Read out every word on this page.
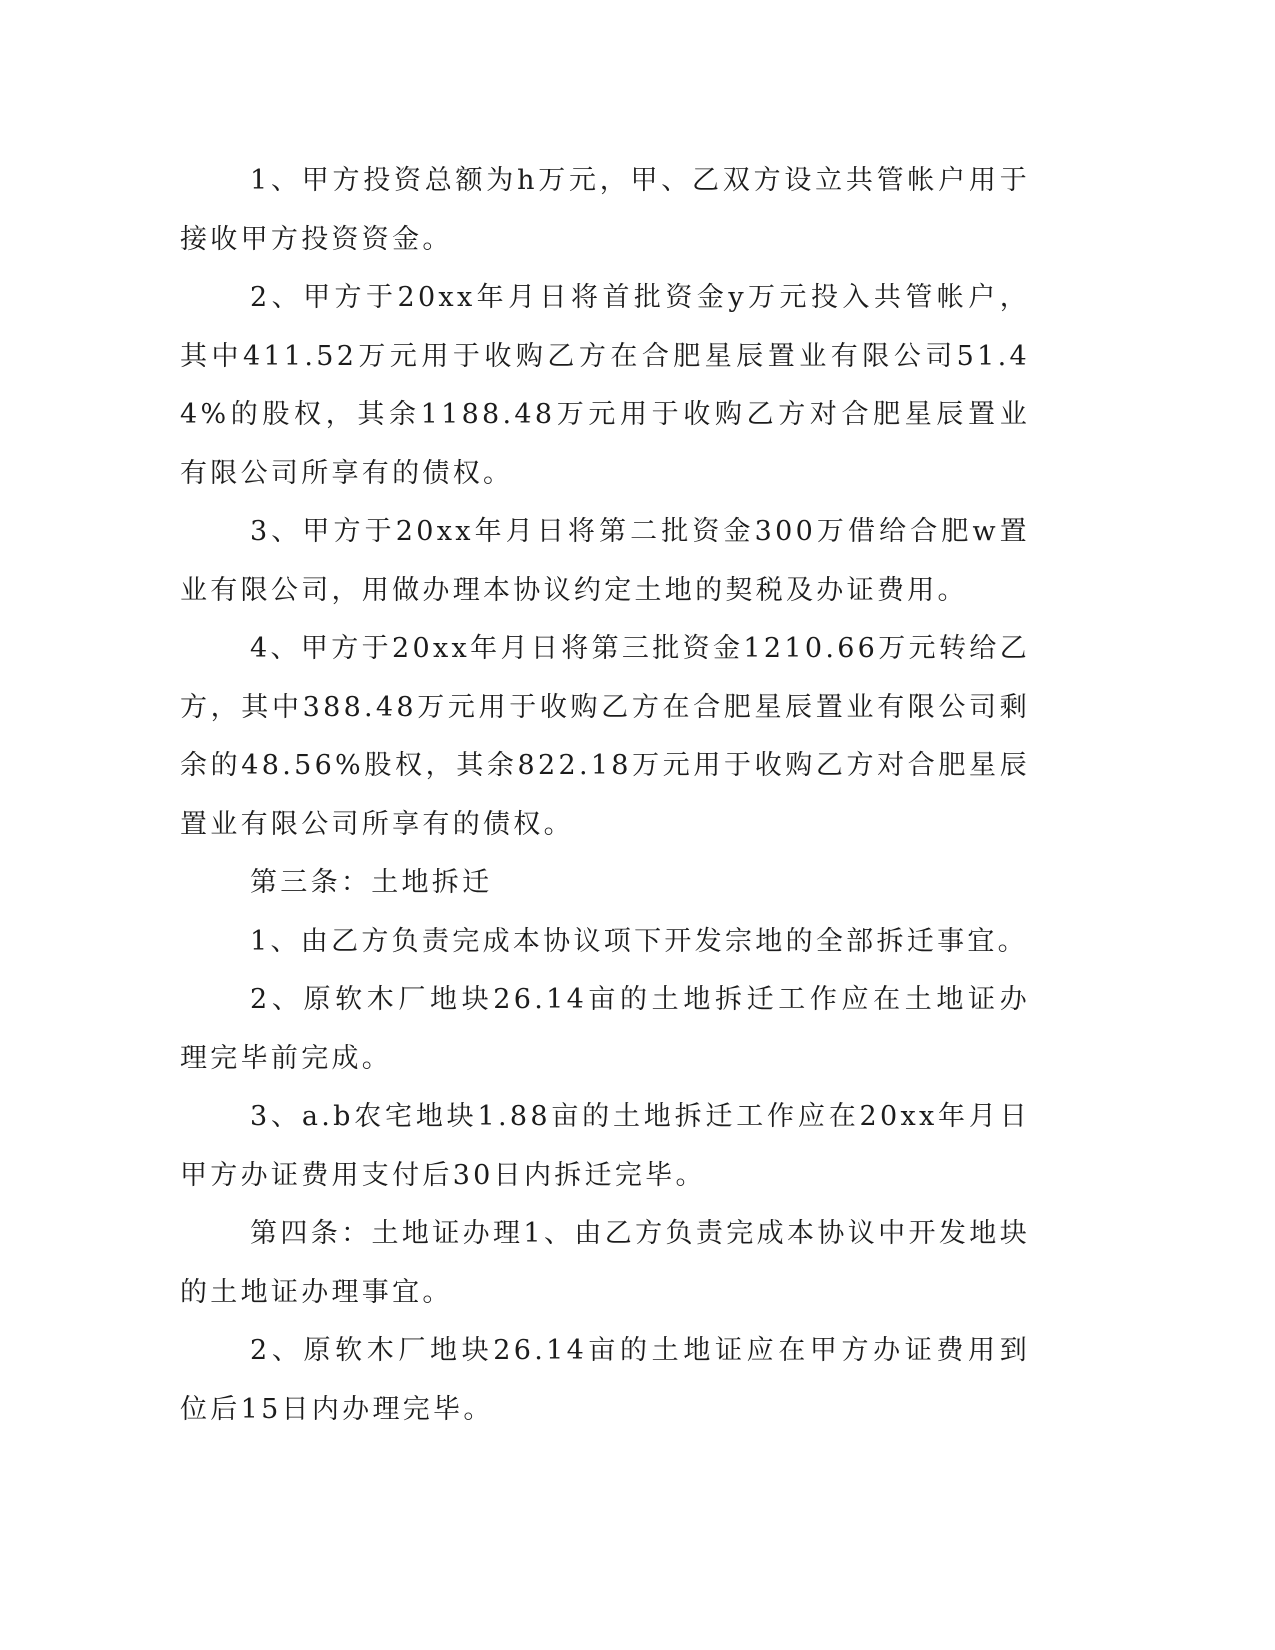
1、甲方投资总额为h万元，甲、乙双方设立共管帐户用于接收甲方投资资金。

2、甲方于20xx年月日将首批资金y万元投入共管帐户，其中411.52万元用于收购乙方在合肥星辰置业有限公司51.44%的股权，其余1188.48万元用于收购乙方对合肥星辰置业有限公司所享有的债权。

3、甲方于20xx年月日将第二批资金300万借给合肥w置业有限公司，用做办理本协议约定土地的契税及办证费用。

4、甲方于20xx年月日将第三批资金1210.66万元转给乙方，其中388.48万元用于收购乙方在合肥星辰置业有限公司剩余的48.56%股权，其余822.18万元用于收购乙方对合肥星辰置业有限公司所享有的债权。

第三条：土地拆迁

1、由乙方负责完成本协议项下开发宗地的全部拆迁事宜。

2、原软木厂地块26.14亩的土地拆迁工作应在土地证办理完毕前完成。

3、a.b农宅地块1.88亩的土地拆迁工作应在20xx年月日甲方办证费用支付后30日内拆迁完毕。

第四条：土地证办理1、由乙方负责完成本协议中开发地块的土地证办理事宜。

2、原软木厂地块26.14亩的土地证应在甲方办证费用到位后15日内办理完毕。
